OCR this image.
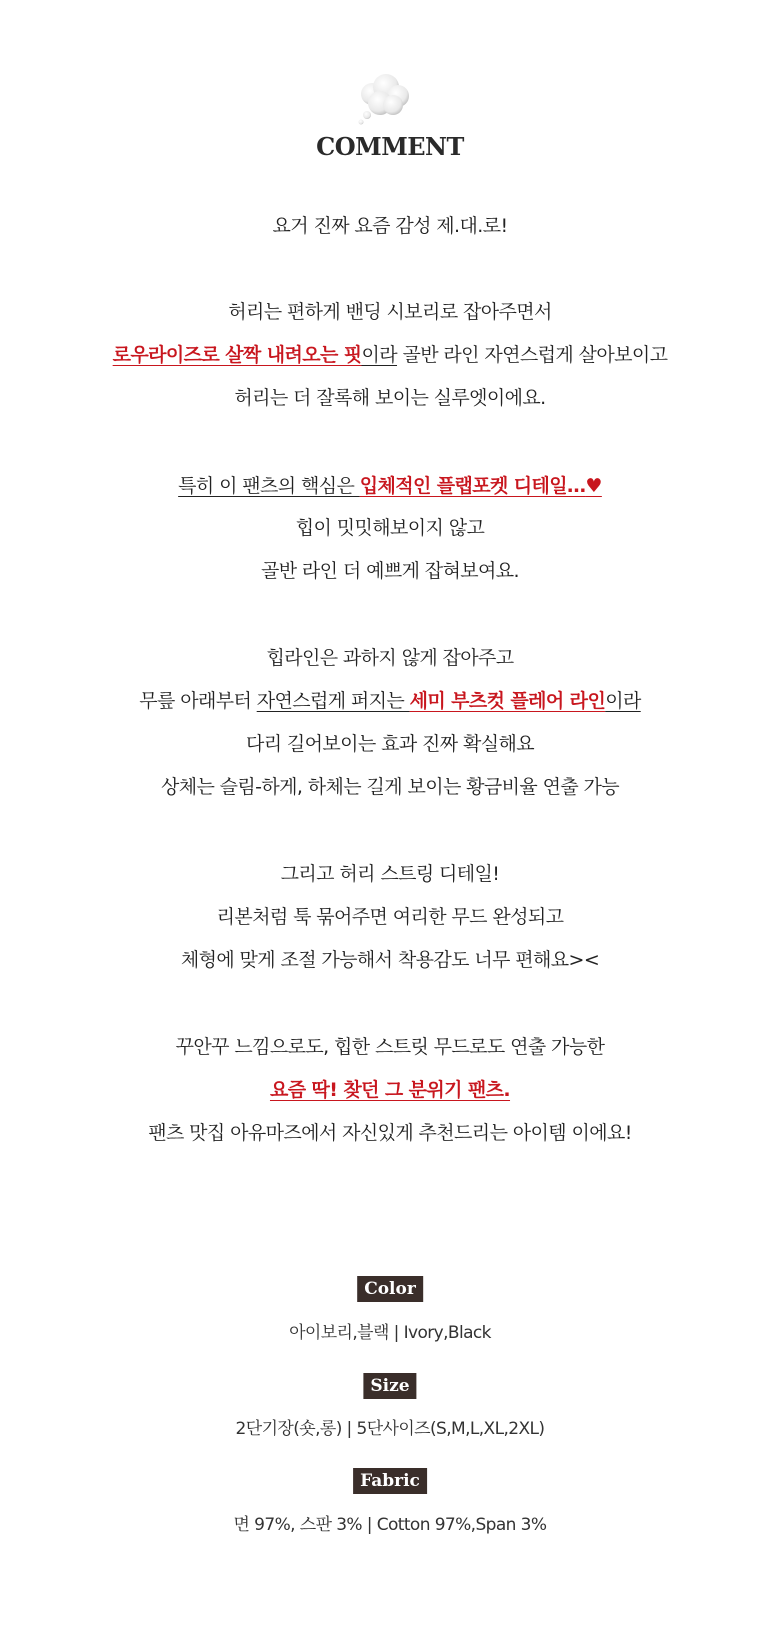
COMMENT
요거 진짜 요즘 감성 제.대.로!
허리는 편하게 밴딩 시보리로 잡아주면서
로우라이즈로 살짝 내려오는 핏이라 골반 라인 자연스럽게 살아보이고
허리는 더 잘록해 보이는 실루엣이에요.
특히 이 팬츠의 핵심은 입체적인 플랩포켓 디테일…♥
힙이 밋밋해보이지 않고
골반 라인 더 예쁘게 잡혀보여요.
힙라인은 과하지 않게 잡아주고
무릎 아래부터 자연스럽게 퍼지는 세미 부츠컷 플레어 라인이라
다리 길어보이는 효과 진짜 확실해요
상체는 슬림-하게, 하체는 길게 보이는 황금비율 연출 가능
그리고 허리 스트링 디테일!
리본처럼 툭 묶어주면 여리한 무드 완성되고
체형에 맞게 조절 가능해서 착용감도 너무 편해요><
꾸안꾸 느낌으로도, 힙한 스트릿 무드로도 연출 가능한
요즘 딱! 찾던 그 분위기 팬츠.
팬츠 맛집 아유마즈에서 자신있게 추천드리는 아이템 이에요!
Color
아이보리,블랙 | Ivory,Black
Size
2단기장(숏,롱) | 5단사이즈(S,M,L,XL,2XL)
Fabric
면 97%, 스판 3% | Cotton 97%,Span 3%
